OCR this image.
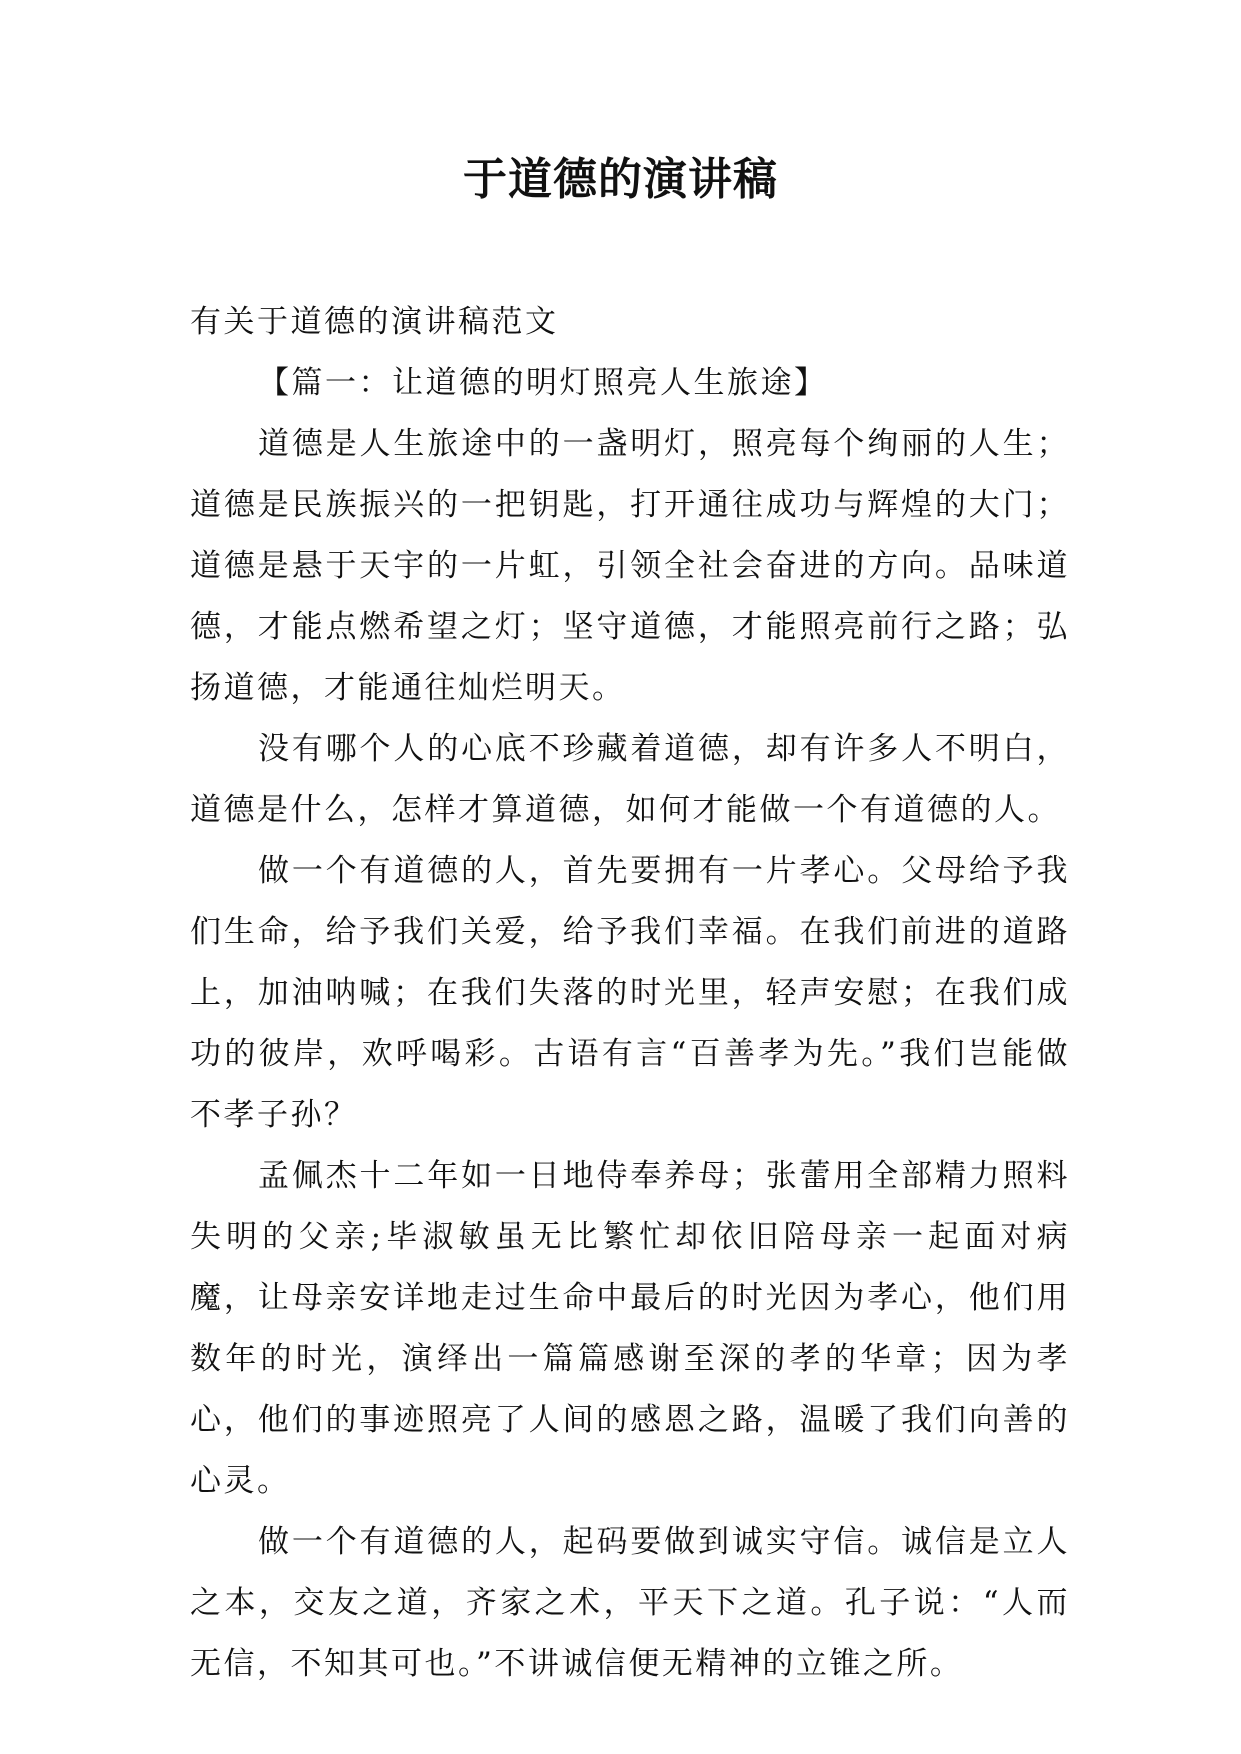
于道德的演讲稿

有关于道德的演讲稿范文

【篇一：让道德的明灯照亮人生旅途】

道德是人生旅途中的一盏明灯，照亮每个绚丽的人生；道德是民族振兴的一把钥匙，打开通往成功与辉煌的大门；道德是悬于天宇的一片虹，引领全社会奋进的方向。品味道德，才能点燃希望之灯；坚守道德，才能照亮前行之路；弘扬道德，才能通往灿烂明天。

没有哪个人的心底不珍藏着道德，却有许多人不明白，道德是什么，怎样才算道德，如何才能做一个有道德的人。

做一个有道德的人，首先要拥有一片孝心。父母给予我们生命，给予我们关爱，给予我们幸福。在我们前进的道路上，加油呐喊；在我们失落的时光里，轻声安慰；在我们成功的彼岸，欢呼喝彩。古语有言“百善孝为先。”我们岂能做不孝子孙？

孟佩杰十二年如一日地侍奉养母；张蕾用全部精力照料失明的父亲;毕淑敏虽无比繁忙却依旧陪母亲一起面对病魔，让母亲安详地走过生命中最后的时光因为孝心，他们用数年的时光，演绎出一篇篇感谢至深的孝的华章；因为孝心，他们的事迹照亮了人间的感恩之路，温暖了我们向善的心灵。

做一个有道德的人，起码要做到诚实守信。诚信是立人之本，交友之道，齐家之术，平天下之道。孔子说：“人而无信，不知其可也。”不讲诚信便无精神的立锥之所。
